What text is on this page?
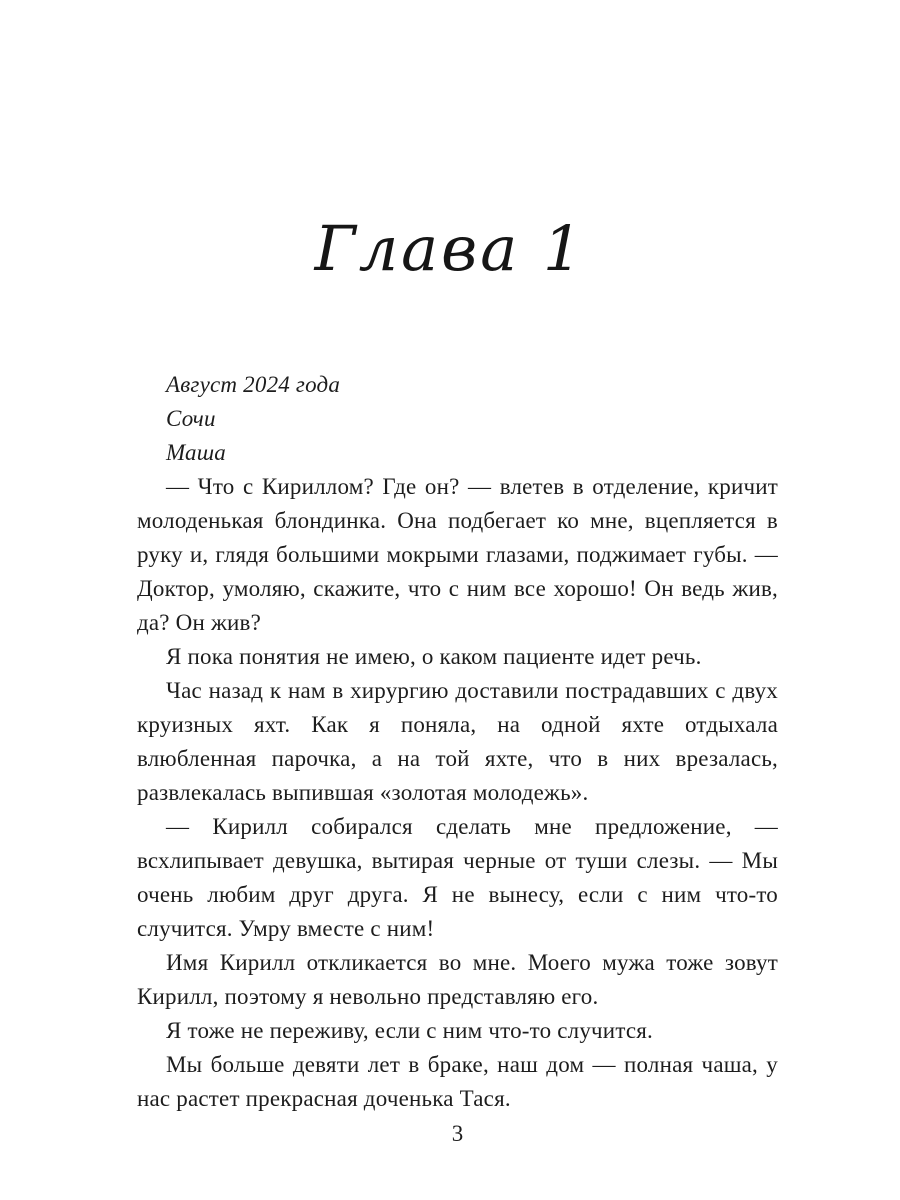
Глава 1

Август 2024 года

Сочи

Маша

— Что с Кириллом? Где он? — влетев в отделение, кричит молоденькая блондинка. Она подбегает ко мне, вцепляется в руку и, глядя большими мокрыми глазами, поджимает губы. — Доктор, умоляю, скажите, что с ним все хорошо! Он ведь жив, да? Он жив?

Я пока понятия не имею, о каком пациенте идет речь.

Час назад к нам в хирургию доставили пострадавших с двух круизных яхт. Как я поняла, на одной яхте отдыхала влюбленная парочка, а на той яхте, что в них врезалась, развлекалась выпившая «золотая молодежь».

— Кирилл собирался сделать мне предложение, — всхлипывает девушка, вытирая черные от туши слезы. — Мы очень любим друг друга. Я не вынесу, если с ним что-то случится. Умру вместе с ним!

Имя Кирилл откликается во мне. Моего мужа тоже зовут Кирилл, поэтому я невольно представляю его.

Я тоже не переживу, если с ним что-то случится.

Мы больше девяти лет в браке, наш дом — полная чаша, у нас растет прекрасная доченька Тася.

3
